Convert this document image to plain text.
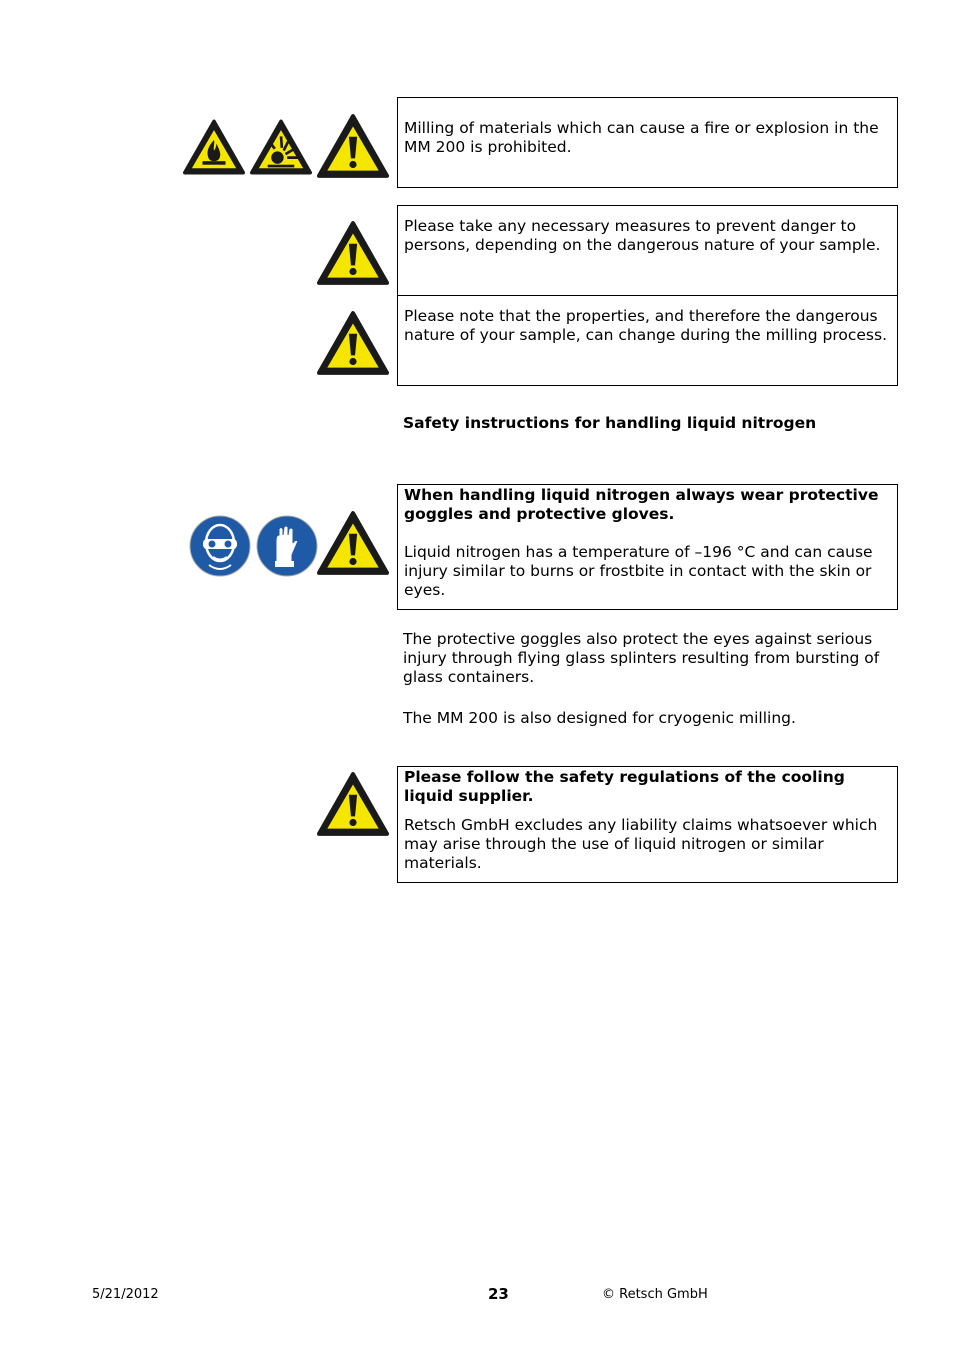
Milling of materials which can cause a fire or explosion in the MM 200 is prohibited.

Please take any necessary measures to prevent danger to persons, depending on the dangerous nature of your sample.

Please note that the properties, and therefore the dangerous nature of your sample, can change during the milling process.

Safety instructions for handling liquid nitrogen

When handling liquid nitrogen always wear protective goggles and protective gloves.

Liquid nitrogen has a temperature of –196 °C and can cause injury similar to burns or frostbite in contact with the skin or eyes.

The protective goggles also protect the eyes against serious injury through flying glass splinters resulting from bursting of glass containers.

The MM 200 is also designed for cryogenic milling.

Please follow the safety regulations of the cooling liquid supplier.

Retsch GmbH excludes any liability claims whatsoever which may arise through the use of liquid nitrogen or similar materials.

5/21/2012	23	© Retsch GmbH
